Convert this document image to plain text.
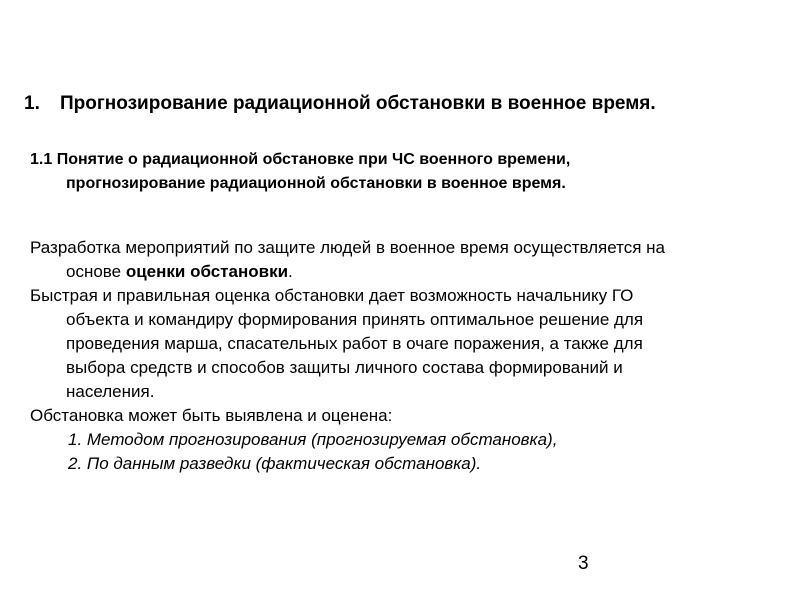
1. Прогнозирование радиационной обстановки в военное время.
1.1 Понятие о радиационной обстановке при ЧС военного времени,
прогнозирование радиационной обстановки в военное время.
Разработка мероприятий по защите людей в военное время осуществляется на
основе оценки обстановки.
Быстрая и правильная оценка обстановки дает возможность начальнику ГО
объекта и командиру формирования принять оптимальное решение для
проведения марша, спасательных работ в очаге поражения, а также для
выбора средств и способов защиты личного состава формирований и
населения.
Обстановка может быть выявлена и оценена:
1. Методом прогнозирования (прогнозируемая обстановка),
2. По данным разведки (фактическая обстановка).
3
